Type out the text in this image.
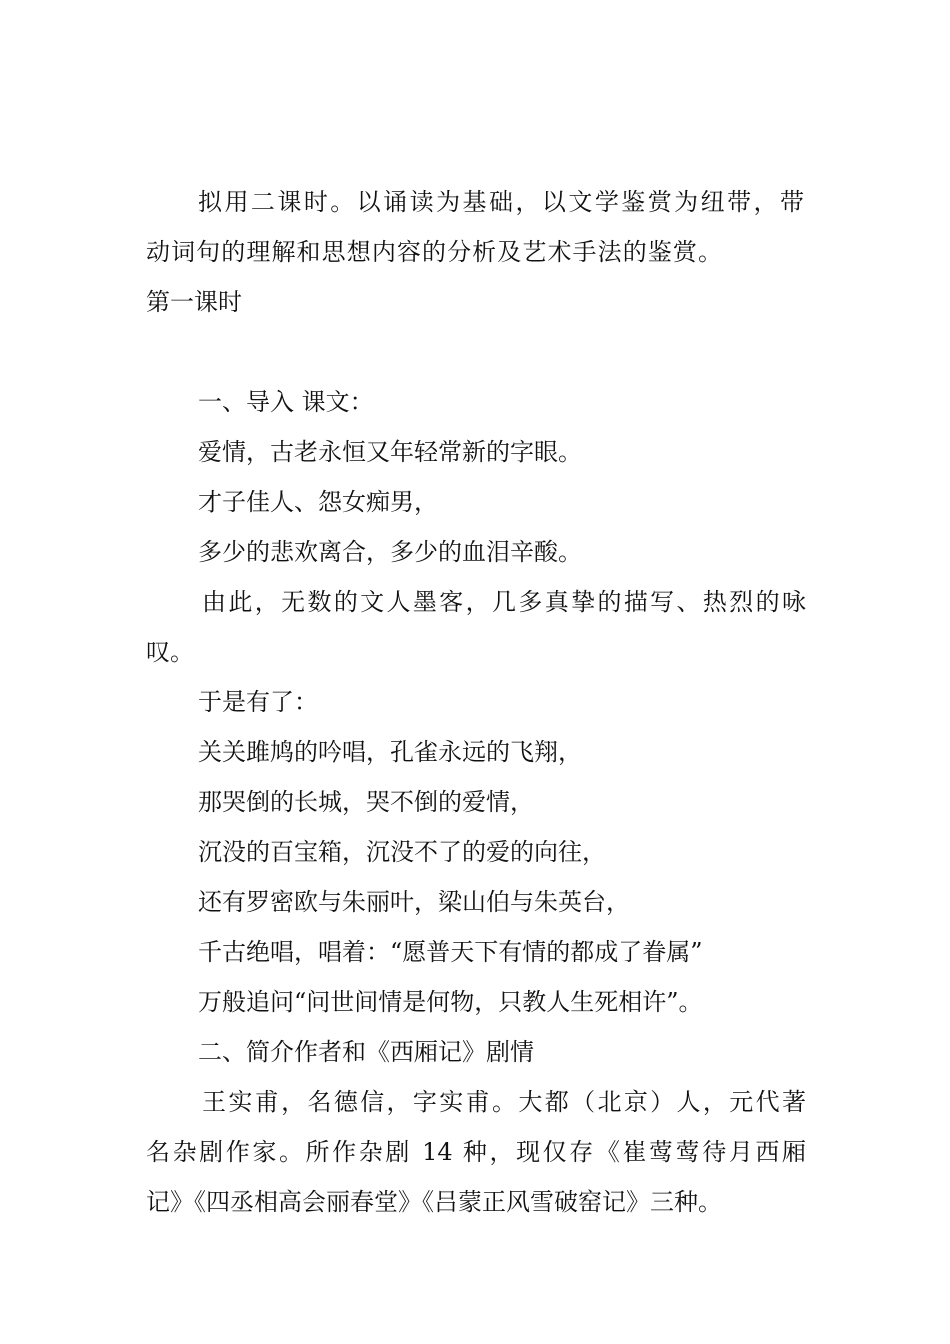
拟用二课时。以诵读为基础，以文学鉴赏为纽带，带
动词句的理解和思想内容的分析及艺术手法的鉴赏。
第一课时
一、导入 课文：
爱情，古老永恒又年轻常新的字眼。
才子佳人、怨女痴男，
多少的悲欢离合，多少的血泪辛酸。
由此，无数的文人墨客，几多真挚的描写、热烈的咏
叹。
于是有了：
关关雎鸠的吟唱，孔雀永远的飞翔，
那哭倒的长城，哭不倒的爱情，
沉没的百宝箱，沉没不了的爱的向往，
还有罗密欧与朱丽叶，梁山伯与朱英台，
千古绝唱，唱着：“愿普天下有情的都成了眷属”
万般追问“问世间情是何物，只教人生死相许”。
二、简介作者和《西厢记》剧情
王实甫，名德信，字实甫。大都（北京）人，元代著
名杂剧作家。所作杂剧 14 种，现仅存《崔莺莺待月西厢
记》《四丞相高会丽春堂》《吕蒙正风雪破窑记》三种。
